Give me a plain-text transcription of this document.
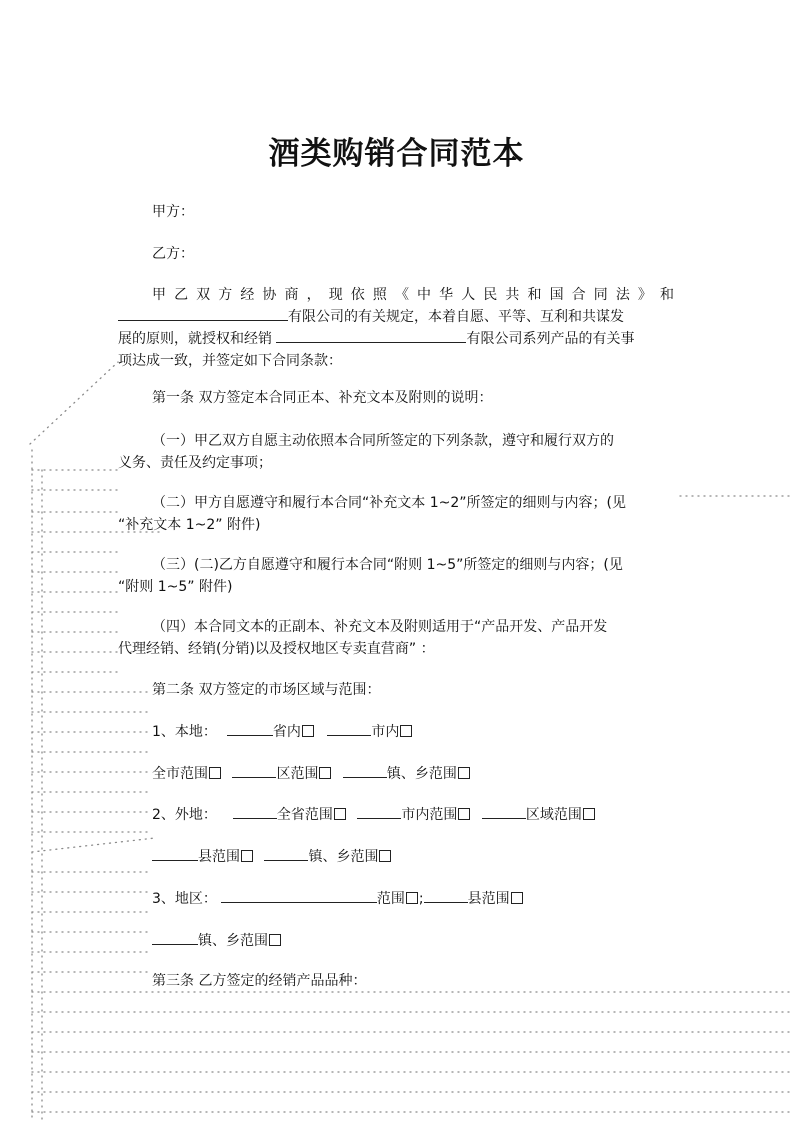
酒类购销合同范本

甲方：

乙方：

甲乙双方经协商，现依照《中华人民共和国合同法》和
有限公司的有关规定，本着自愿、平等、互利和共谋发
展的原则，就授权和经销	有限公司系列产品的有关事
项达成一致，并签定如下合同条款：

第一条 双方签定本合同正本、补充文本及附则的说明：

（一）甲乙双方自愿主动依照本合同所签定的下列条款，遵守和履行双方的
义务、责任及约定事项；
（二）甲方自愿遵守和履行本合同“补充文本 1~2”所签定的细则与内容；(见
“补充文本 1~2” 附件)
（三）(二)乙方自愿遵守和履行本合同“附则 1~5”所签定的细则与内容；(见
“附则 1~5” 附件)
（四）本合同文本的正副本、补充文本及附则适用于“产品开发、产品开发
代理经销、经销(分销)以及授权地区专卖直营商” ：

第二条 双方签定的市场区域与范围：

1、本地：	省内	市内

全市范围	区范围	镇、乡范围

2、外地：	全省范围	市内范围	区域范围

县范围	镇、乡范围

3、地区：	范围 ;	县范围

镇、乡范围

第三条 乙方签定的经销产品品种：
